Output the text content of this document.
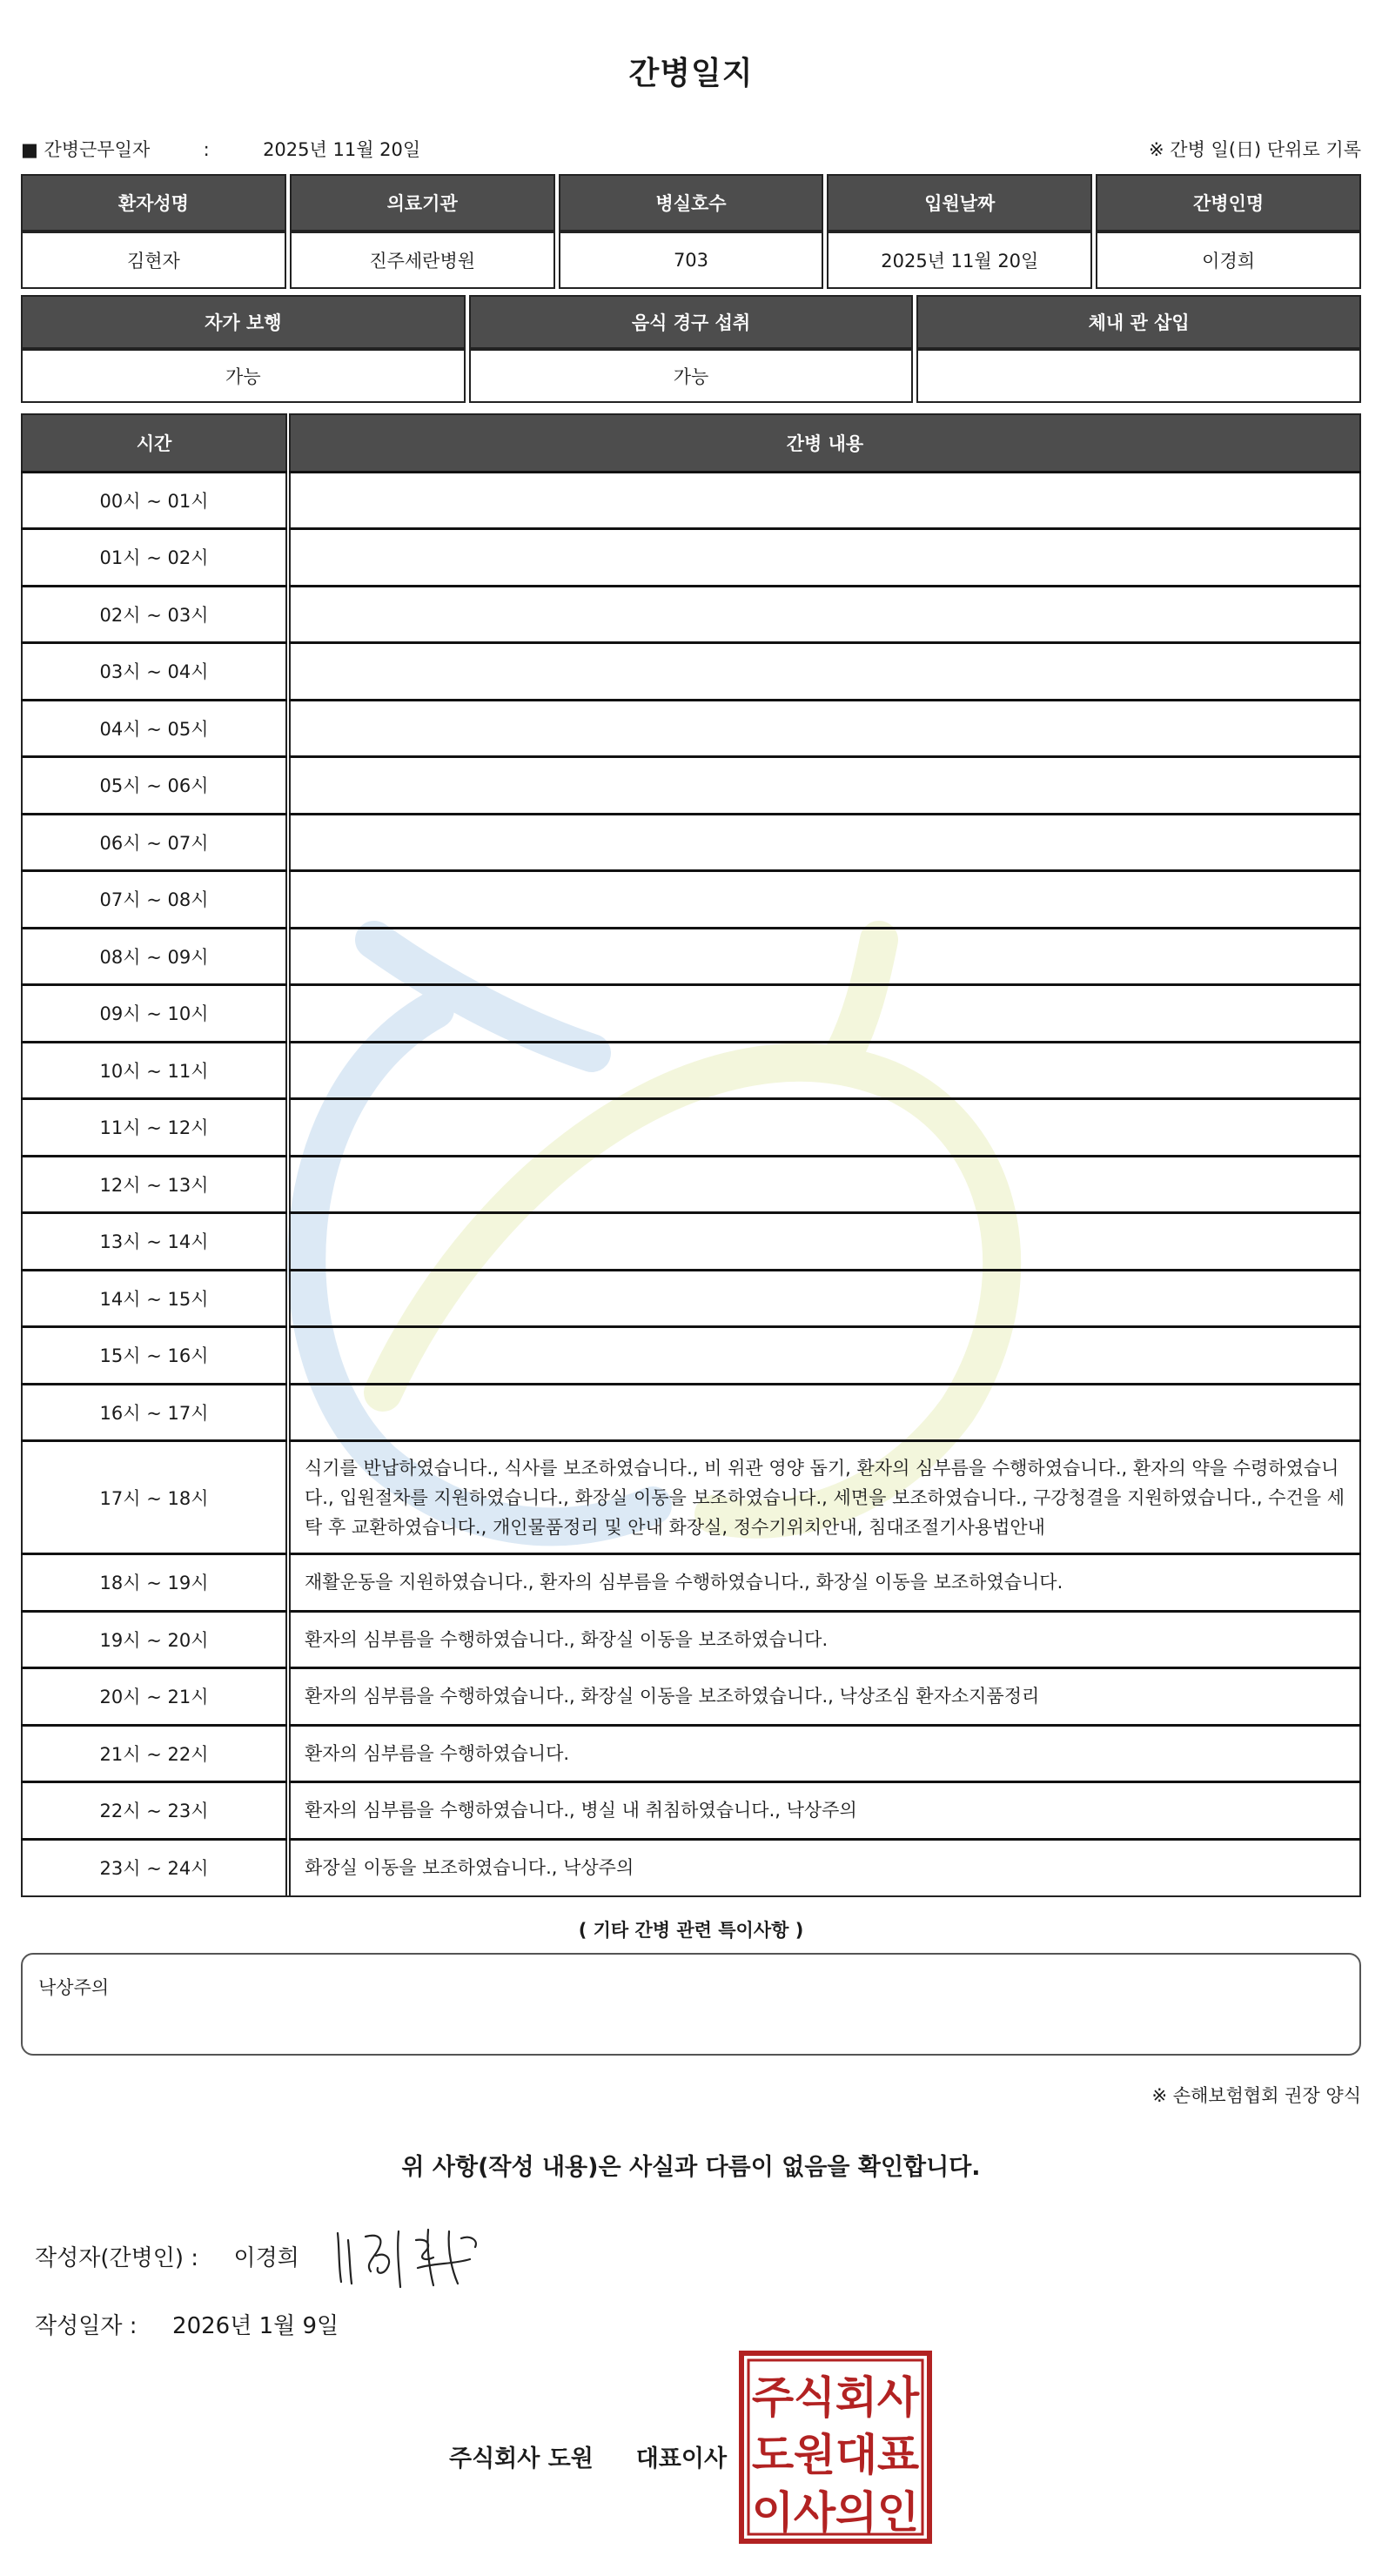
간병일지
■ 간병근무일자	:	2025년 11월 20일	※ 간병 일(日) 단위로 기록
환자성명	의료기관	병실호수	입원날짜	간병인명
김현자	진주세란병원	703	2025년 11월 20일	이경희
자가 보행	음식 경구 섭취	체내 관 삽입
가능	가능	
시간		간병 내용
00시 ~ 01시		
01시 ~ 02시		
02시 ~ 03시		
03시 ~ 04시		
04시 ~ 05시		
05시 ~ 06시		
06시 ~ 07시		
07시 ~ 08시		
08시 ~ 09시		
09시 ~ 10시		
10시 ~ 11시		
11시 ~ 12시		
12시 ~ 13시		
13시 ~ 14시		
14시 ~ 15시		
15시 ~ 16시		
16시 ~ 17시		
17시 ~ 18시		식기를 반납하였습니다., 식사를 보조하였습니다., 비 위관 영양 돕기, 환자의 심부름을 수행하였습니다., 환자의 약을 수령하였습니다., 입원절차를 지원하였습니다., 화장실 이동을 보조하였습니다., 세면을 보조하였습니다., 구강청결을 지원하였습니다., 수건을 세탁 후 교환하였습니다., 개인물품정리 및 안내 화장실, 정수기위치안내, 침대조절기사용법안내
18시 ~ 19시		재활운동을 지원하였습니다., 환자의 심부름을 수행하였습니다., 화장실 이동을 보조하였습니다.
19시 ~ 20시		환자의 심부름을 수행하였습니다., 화장실 이동을 보조하였습니다.
20시 ~ 21시		환자의 심부름을 수행하였습니다., 화장실 이동을 보조하였습니다., 낙상조심 환자소지품정리
21시 ~ 22시		환자의 심부름을 수행하였습니다.
22시 ~ 23시		환자의 심부름을 수행하였습니다., 병실 내 취침하였습니다., 낙상주의
23시 ~ 24시		화장실 이동을 보조하였습니다., 낙상주의
( 기타 간병 관련 특이사항 )
낙상주의
※ 손해보험협회 권장 양식
위 사항(작성 내용)은 사실과 다름이 없음을 확인합니다.
작성자(간병인) : 이경희
작성일자 : 2026년 1월 9일
주식회사 도원 대표이사
주 식 회 사
도 원 대 표
이 사 의 인
